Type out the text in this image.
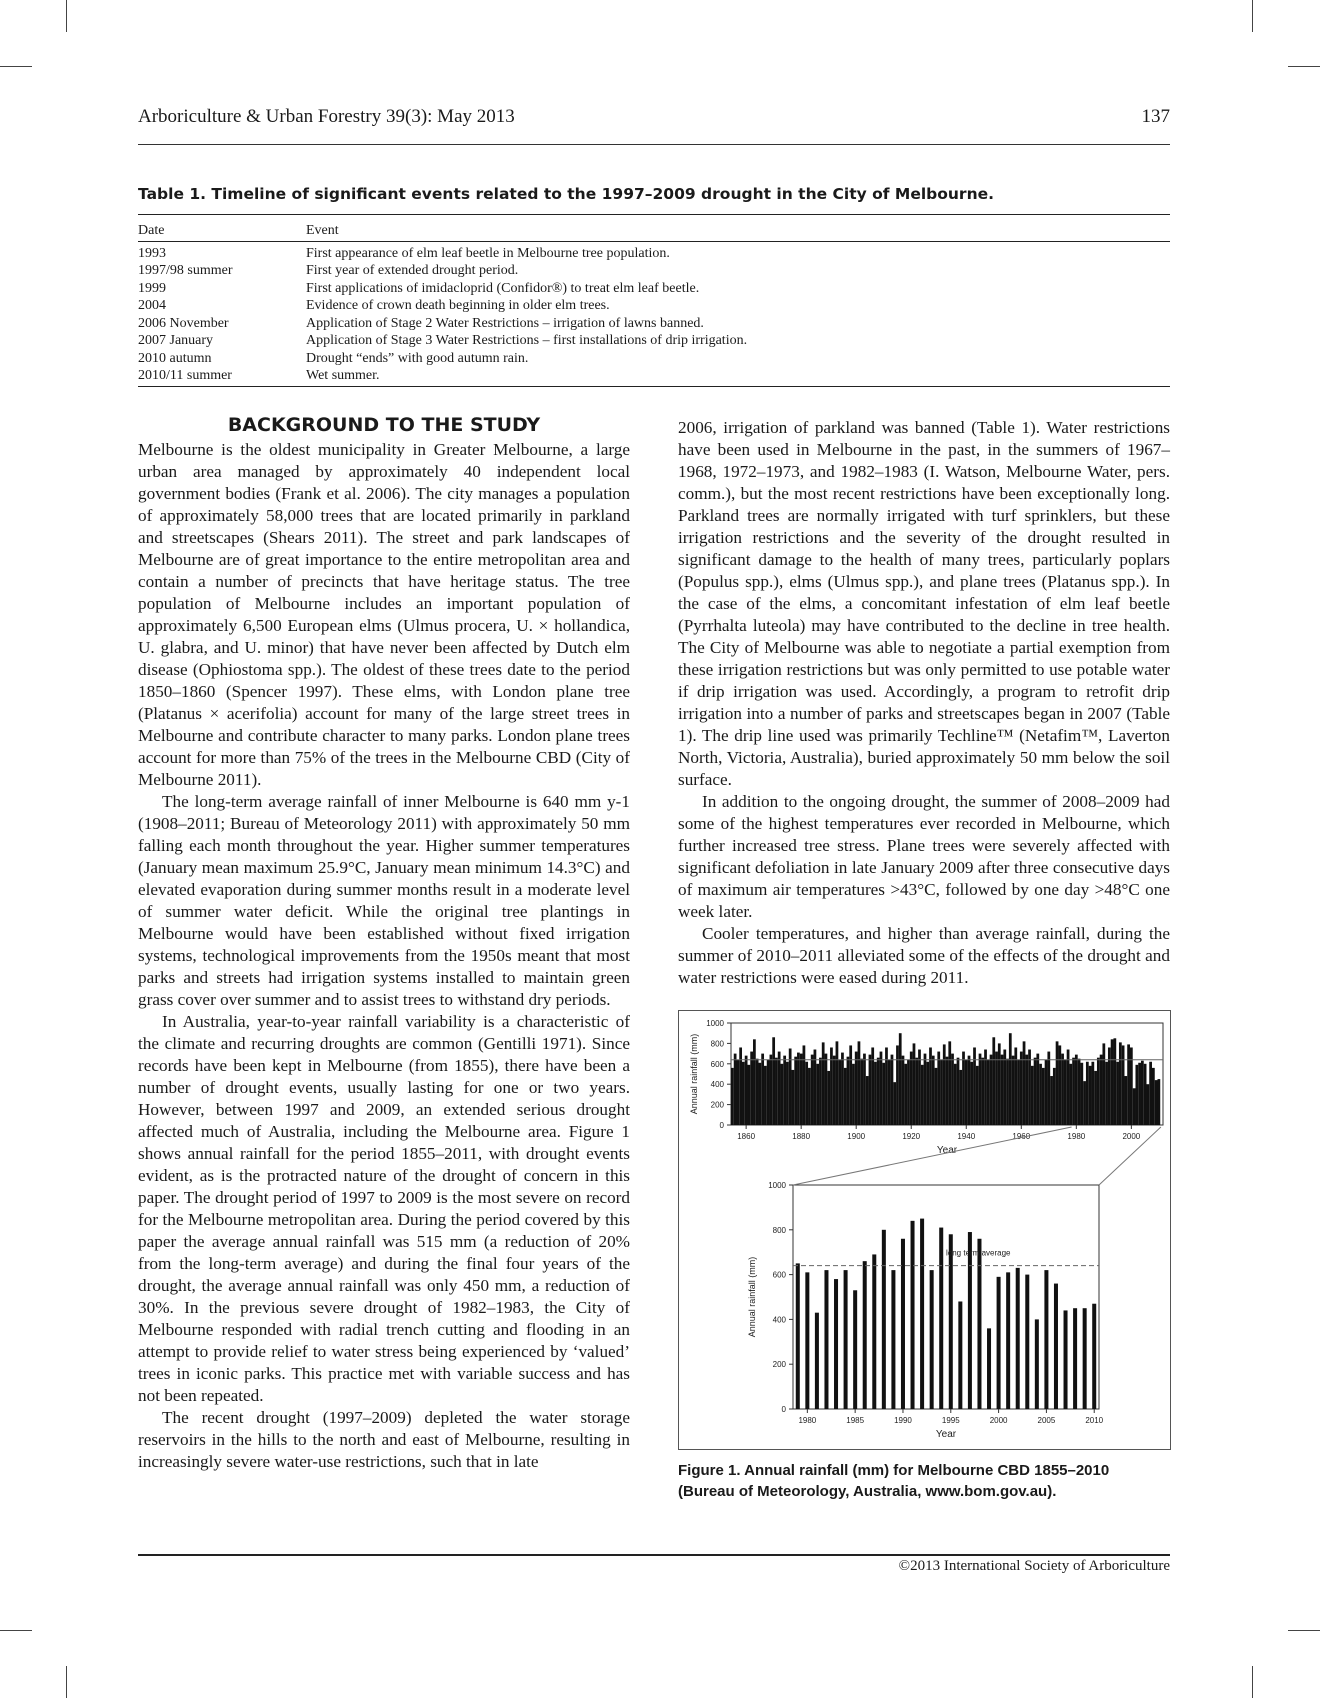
Arboriculture & Urban Forestry 39(3): May 2013	137
Table 1. Timeline of significant events related to the 1997–2009 drought in the City of Melbourne.
Date	Event
1993	First appearance of elm leaf beetle in Melbourne tree population.
1997/98 summer	First year of extended drought period.
1999	First applications of imidacloprid (Confidor®) to treat elm leaf beetle.
2004	Evidence of crown death beginning in older elm trees.
2006 November	Application of Stage 2 Water Restrictions – irrigation of lawns banned.
2007 January	Application of Stage 3 Water Restrictions – first installations of drip irrigation.
2010 autumn	Drought “ends” with good autumn rain.
2010/11 summer	Wet summer.
BACKGROUND TO THE STUDY

Melbourne is the oldest municipality in Greater Melbourne, a large urban area managed by approximately 40 independent local government bodies (Frank et al. 2006). The city manages a population of approximately 58,000 trees that are located primarily in parkland and streetscapes (Shears 2011). The street and park landscapes of Melbourne are of great importance to the entire metropolitan area and contain a number of precincts that have heritage status. The tree population of Melbourne includes an important population of approximately 6,500 European elms (Ulmus procera, U. × hollandica, U. glabra, and U. minor) that have never been affected by Dutch elm disease (Ophiostoma spp.). The oldest of these trees date to the period 1850–1860 (Spencer 1997). These elms, with London plane tree (Platanus × acerifolia) account for many of the large street trees in Melbourne and contribute character to many parks. London plane trees account for more than 75% of the trees in the Melbourne CBD (City of Melbourne 2011).

The long-term average rainfall of inner Melbourne is 640 mm y-1 (1908–2011; Bureau of Meteorology 2011) with approximately 50 mm falling each month throughout the year. Higher summer temperatures (January mean maximum 25.9°C, January mean minimum 14.3°C) and elevated evaporation during summer months result in a moderate level of summer water deficit. While the original tree plantings in Melbourne would have been established without fixed irrigation systems, technological improvements from the 1950s meant that most parks and streets had irrigation systems installed to maintain green grass cover over summer and to assist trees to withstand dry periods.

In Australia, year-to-year rainfall variability is a characteristic of the climate and recurring droughts are common (Gentilli 1971). Since records have been kept in Melbourne (from 1855), there have been a number of drought events, usually lasting for one or two years. However, between 1997 and 2009, an extended serious drought affected much of Australia, including the Melbourne area. Figure 1 shows annual rainfall for the period 1855–2011, with drought events evident, as is the protracted nature of the drought of concern in this paper. The drought period of 1997 to 2009 is the most severe on record for the Melbourne metropolitan area. During the period covered by this paper the average annual rainfall was 515 mm (a reduction of 20% from the long-term average) and during the final four years of the drought, the average annual rainfall was only 450 mm, a reduction of 30%. In the previous severe drought of 1982–1983, the City of Melbourne responded with radial trench cutting and flooding in an attempt to provide relief to water stress being experienced by ‘valued’ trees in iconic parks. This practice met with variable success and has not been repeated.

The recent drought (1997–2009) depleted the water storage reservoirs in the hills to the north and east of Melbourne, resulting in increasingly severe water-use restrictions, such that in late

2006, irrigation of parkland was banned (Table 1). Water restrictions have been used in Melbourne in the past, in the summers of 1967–1968, 1972–1973, and 1982–1983 (I. Watson, Melbourne Water, pers. comm.), but the most recent restrictions have been exceptionally long. Parkland trees are normally irrigated with turf sprinklers, but these irrigation restrictions and the severity of the drought resulted in significant damage to the health of many trees, particularly poplars (Populus spp.), elms (Ulmus spp.), and plane trees (Platanus spp.). In the case of the elms, a concomitant infestation of elm leaf beetle (Pyrrhalta luteola) may have contributed to the decline in tree health. The City of Melbourne was able to negotiate a partial exemption from these irrigation restrictions but was only permitted to use potable water if drip irrigation was used. Accordingly, a program to retrofit drip irrigation into a number of parks and streetscapes began in 2007 (Table 1). The drip line used was primarily Techline™ (Netafim™, Laverton North, Victoria, Australia), buried approximately 50 mm below the soil surface.

In addition to the ongoing drought, the summer of 2008–2009 had some of the highest temperatures ever recorded in Melbourne, which further increased tree stress. Plane trees were severely affected with significant defoliation in late January 2009 after three consecutive days of maximum air temperatures >43°C, followed by one day >48°C one week later.

Cooler temperatures, and higher than average rainfall, during the summer of 2010–2011 alleviated some of the effects of the drought and water restrictions were eased during 2011.

0
200
400
600
800
1000
1860	1880	1900	1920	1940	1960	1980	2000
Year
Annual rainfall (mm)
0
200
400
600
800
1000
1980	1985	1990	1995	2000	2005	2010
Year
Annual rainfall (mm)
long term average
Figure 1. Annual rainfall (mm) for Melbourne CBD 1855–2010 (Bureau of Meteorology, Australia, www.bom.gov.au).
©2013 International Society of Arboriculture
